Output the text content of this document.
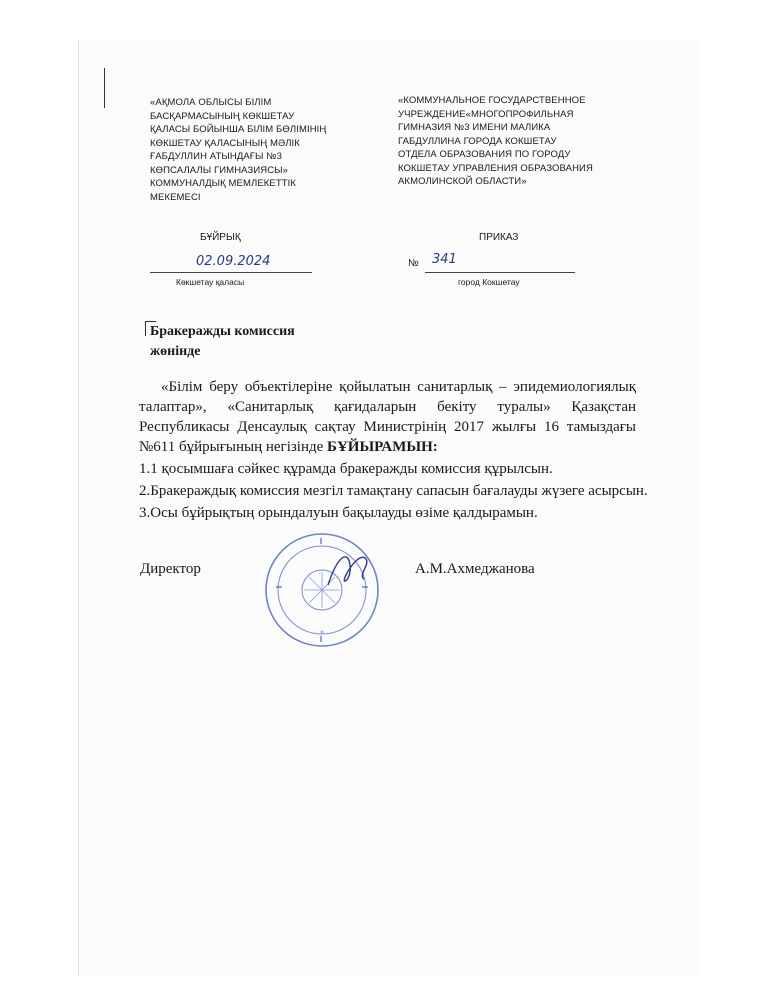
«АҚМОЛА ОБЛЫСЫ БІЛІМ
БАСҚАРМАСЫНЫҢ КӨКШЕТАУ
ҚАЛАСЫ БОЙЫНША БІЛІМ БӨЛІМІНІҢ
КӨКШЕТАУ ҚАЛАСЫНЫҢ МӘЛІК
ҒАБДУЛЛИН АТЫНДАҒЫ №3
КӨПСАЛАЛЫ ГИМНАЗИЯСЫ»
КОММУНАЛДЫҚ МЕМЛЕКЕТТІК
МЕКЕМЕСІ
«КОММУНАЛЬНОЕ ГОСУДАРСТВЕННОЕ
УЧРЕЖДЕНИЕ«МНОГОПРОФИЛЬНАЯ
ГИМНАЗИЯ №3 ИМЕНИ МАЛИКА
ГАБДУЛЛИНА ГОРОДА КОКШЕТАУ
ОТДЕЛА ОБРАЗОВАНИЯ ПО ГОРОДУ
КОКШЕТАУ УПРАВЛЕНИЯ ОБРАЗОВАНИЯ
АКМОЛИНСКОЙ ОБЛАСТИ»
БҰЙРЫҚ	ПРИКАЗ
02.09.2024	№ 341
Көкшетау қаласы	город Кокшетау
Бракеражды комиссия
жөнінде

«Білім беру объектілеріне қойылатын санитарлық – эпидемиологиялық талаптар», «Санитарлық қағидаларын бекіту туралы» Қазақстан Республикасы Денсаулық сақтау Министрінің 2017 жылғы 16 тамыздағы №611 бұйрығының негізінде БҰЙЫРАМЫН:

1.1 қосымшаға сәйкес құрамда бракеражды комиссия құрылсын.
2.Бракераждық комиссия мезгіл тамақтану сапасын бағалауды жүзеге асырсын.
3.Осы бұйрықтың орындалуын бақылауды өзіме қалдырамын.
Директор
*
А.М.Ахмеджанова
